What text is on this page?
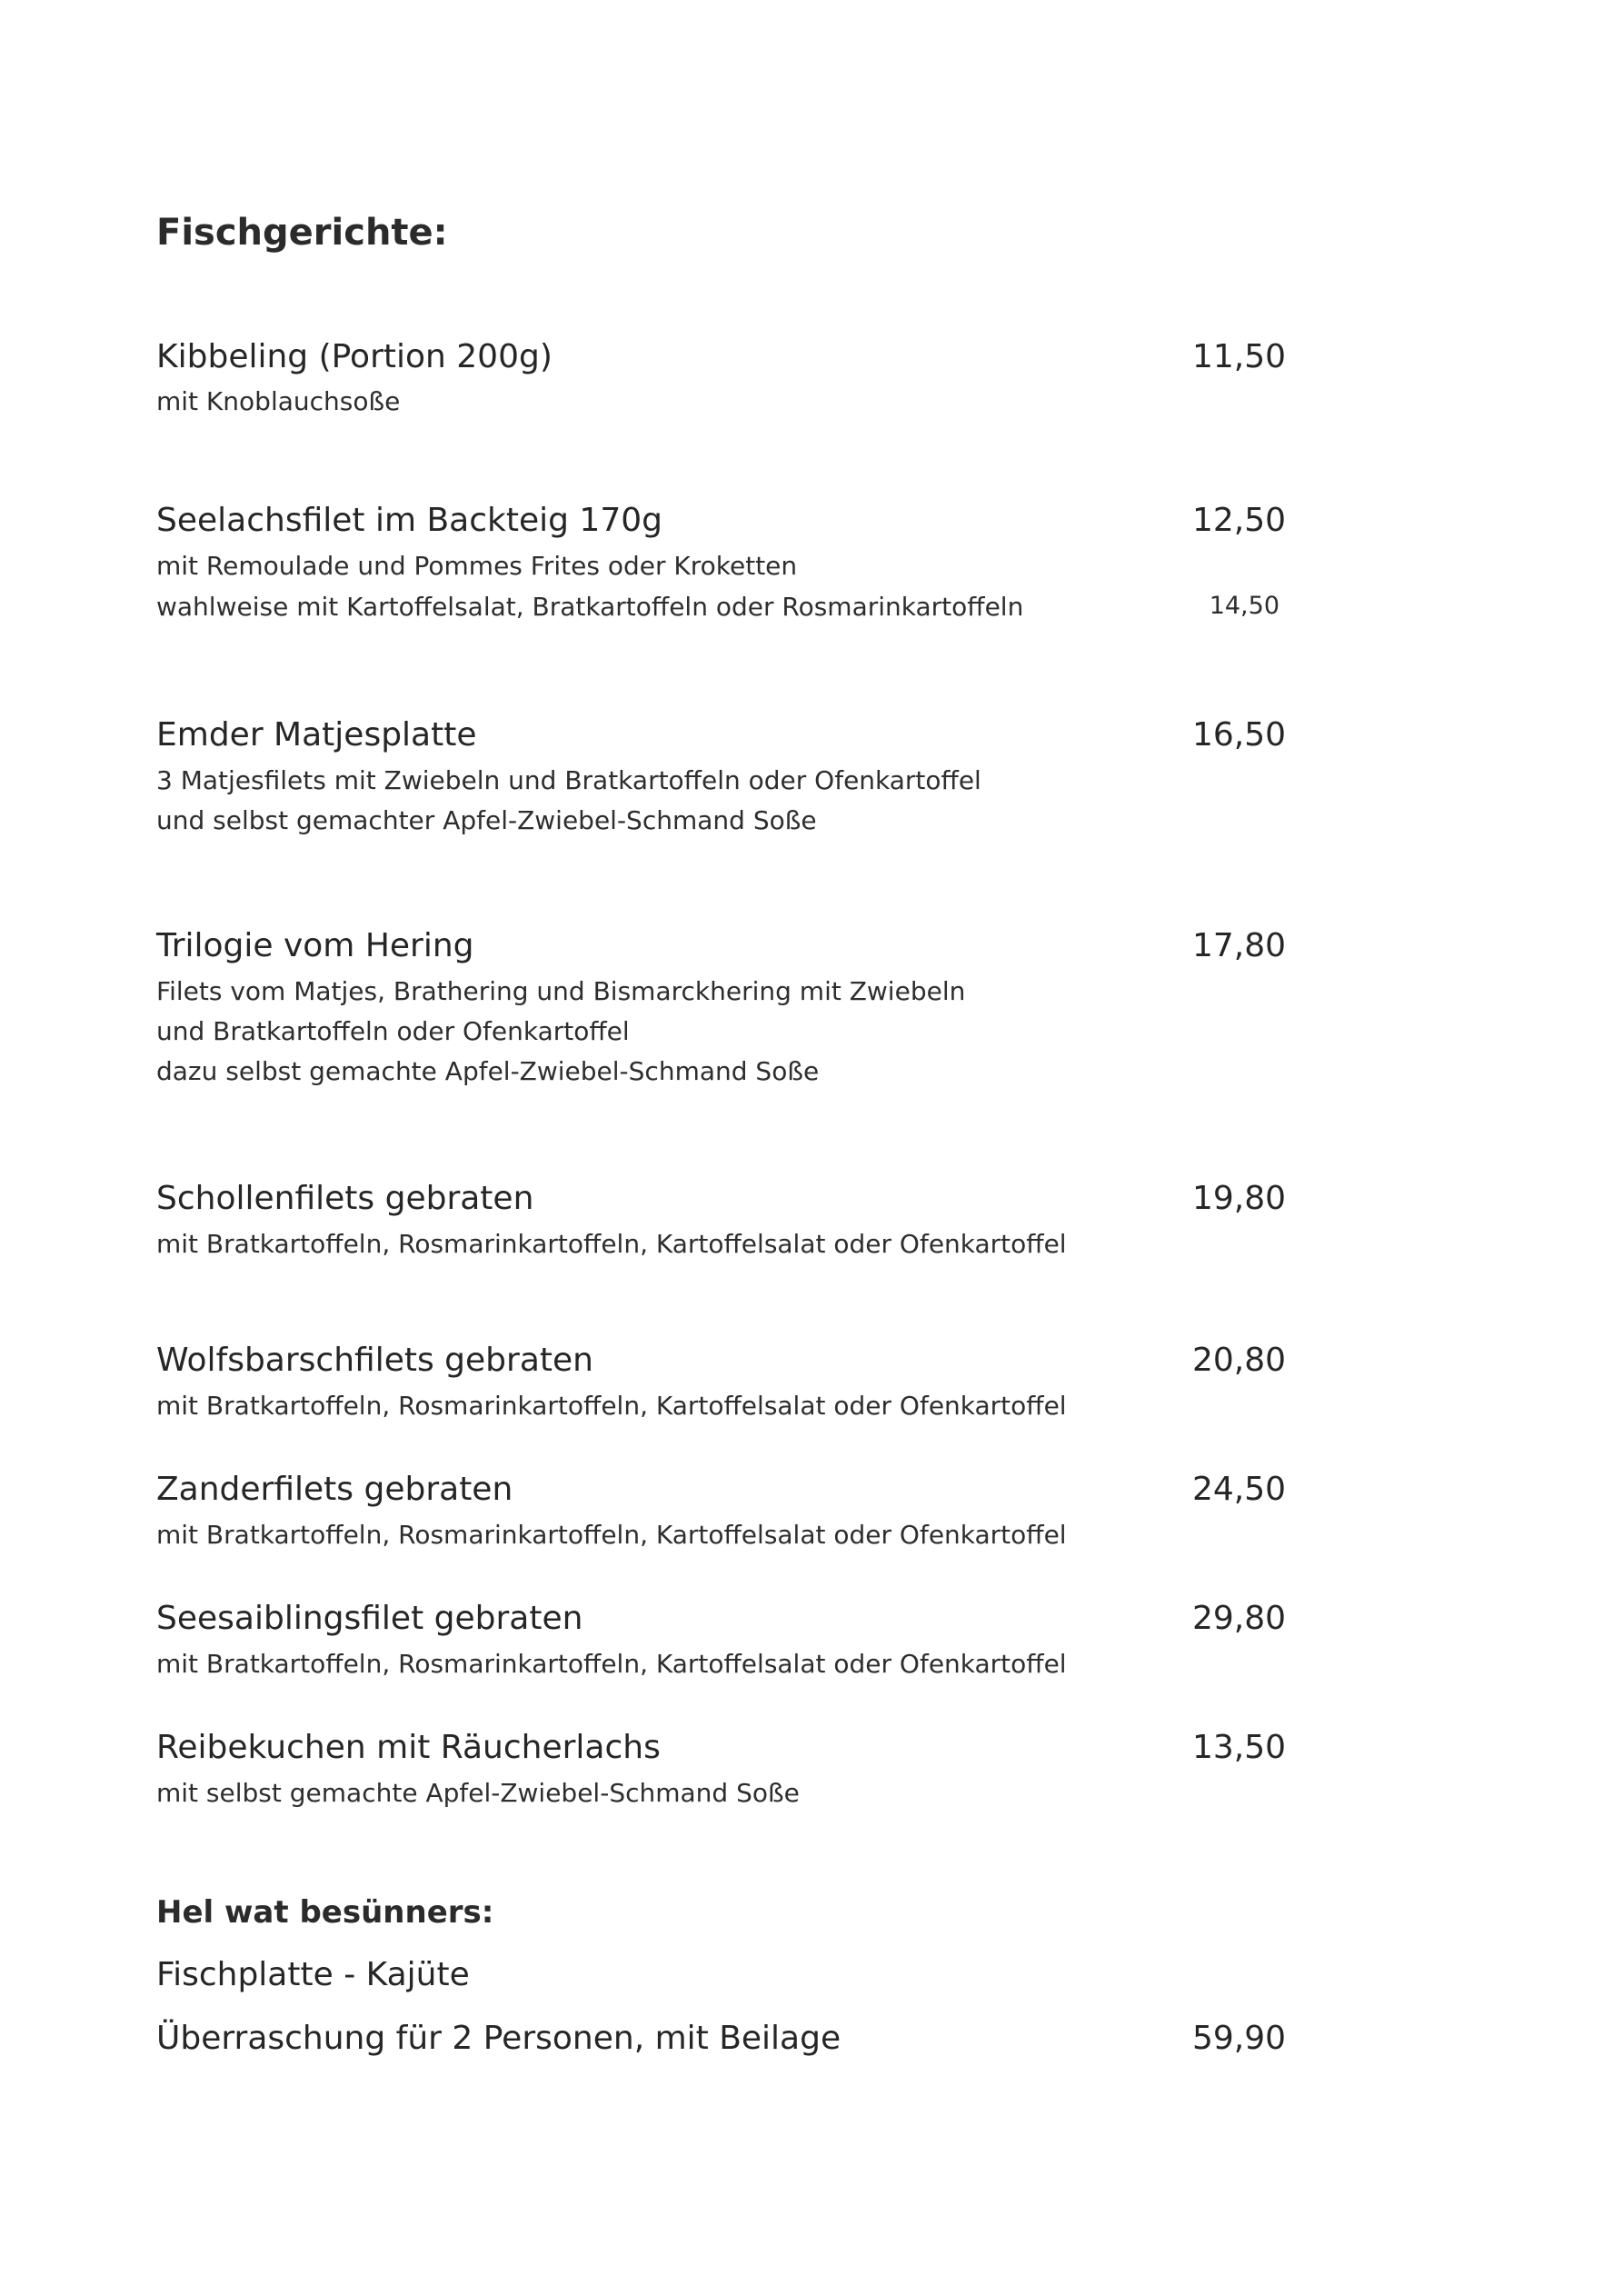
Fischgerichte:
Kibbeling (Portion 200g)	11,50
mit Knoblauchsoße
Seelachsfilet im Backteig 170g	12,50
mit Remoulade und Pommes Frites oder Kroketten
wahlweise mit Kartoffelsalat, Bratkartoffeln oder Rosmarinkartoffeln	14,50
Emder Matjesplatte	16,50
3 Matjesfilets mit Zwiebeln und Bratkartoffeln oder Ofenkartoffel
und selbst gemachter Apfel-Zwiebel-Schmand Soße
Trilogie vom Hering	17,80
Filets vom Matjes, Brathering und Bismarckhering mit Zwiebeln
und Bratkartoffeln oder Ofenkartoffel
dazu selbst gemachte Apfel-Zwiebel-Schmand Soße
Schollenfilets gebraten	19,80
mit Bratkartoffeln, Rosmarinkartoffeln, Kartoffelsalat oder Ofenkartoffel
Wolfsbarschfilets gebraten	20,80
mit Bratkartoffeln, Rosmarinkartoffeln, Kartoffelsalat oder Ofenkartoffel
Zanderfilets gebraten	24,50
mit Bratkartoffeln, Rosmarinkartoffeln, Kartoffelsalat oder Ofenkartoffel
Seesaiblingsfilet gebraten	29,80
mit Bratkartoffeln, Rosmarinkartoffeln, Kartoffelsalat oder Ofenkartoffel
Reibekuchen mit Räucherlachs	13,50
mit selbst gemachte Apfel-Zwiebel-Schmand Soße
Hel wat besünners:
Fischplatte - Kajüte
Überraschung für 2 Personen, mit Beilage	59,90
